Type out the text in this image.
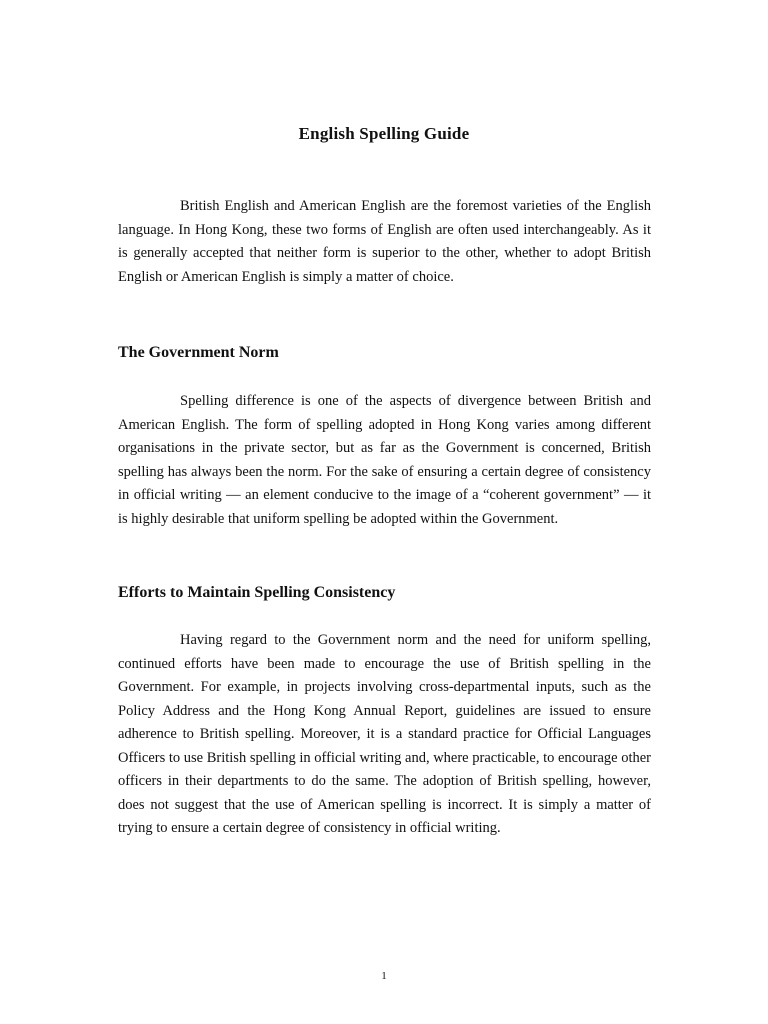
English Spelling Guide

British English and American English are the foremost varieties of the English language. In Hong Kong, these two forms of English are often used interchangeably. As it is generally accepted that neither form is superior to the other, whether to adopt British English or American English is simply a matter of choice.

The Government Norm

Spelling difference is one of the aspects of divergence between British and American English. The form of spelling adopted in Hong Kong varies among different organisations in the private sector, but as far as the Government is concerned, British spelling has always been the norm. For the sake of ensuring a certain degree of consistency in official writing — an element conducive to the image of a “coherent government” — it is highly desirable that uniform spelling be adopted within the Government.

Efforts to Maintain Spelling Consistency

Having regard to the Government norm and the need for uniform spelling, continued efforts have been made to encourage the use of British spelling in the Government. For example, in projects involving cross-departmental inputs, such as the Policy Address and the Hong Kong Annual Report, guidelines are issued to ensure adherence to British spelling. Moreover, it is a standard practice for Official Languages Officers to use British spelling in official writing and, where practicable, to encourage other officers in their departments to do the same. The adoption of British spelling, however, does not suggest that the use of American spelling is incorrect. It is simply a matter of trying to ensure a certain degree of consistency in official writing.

1
